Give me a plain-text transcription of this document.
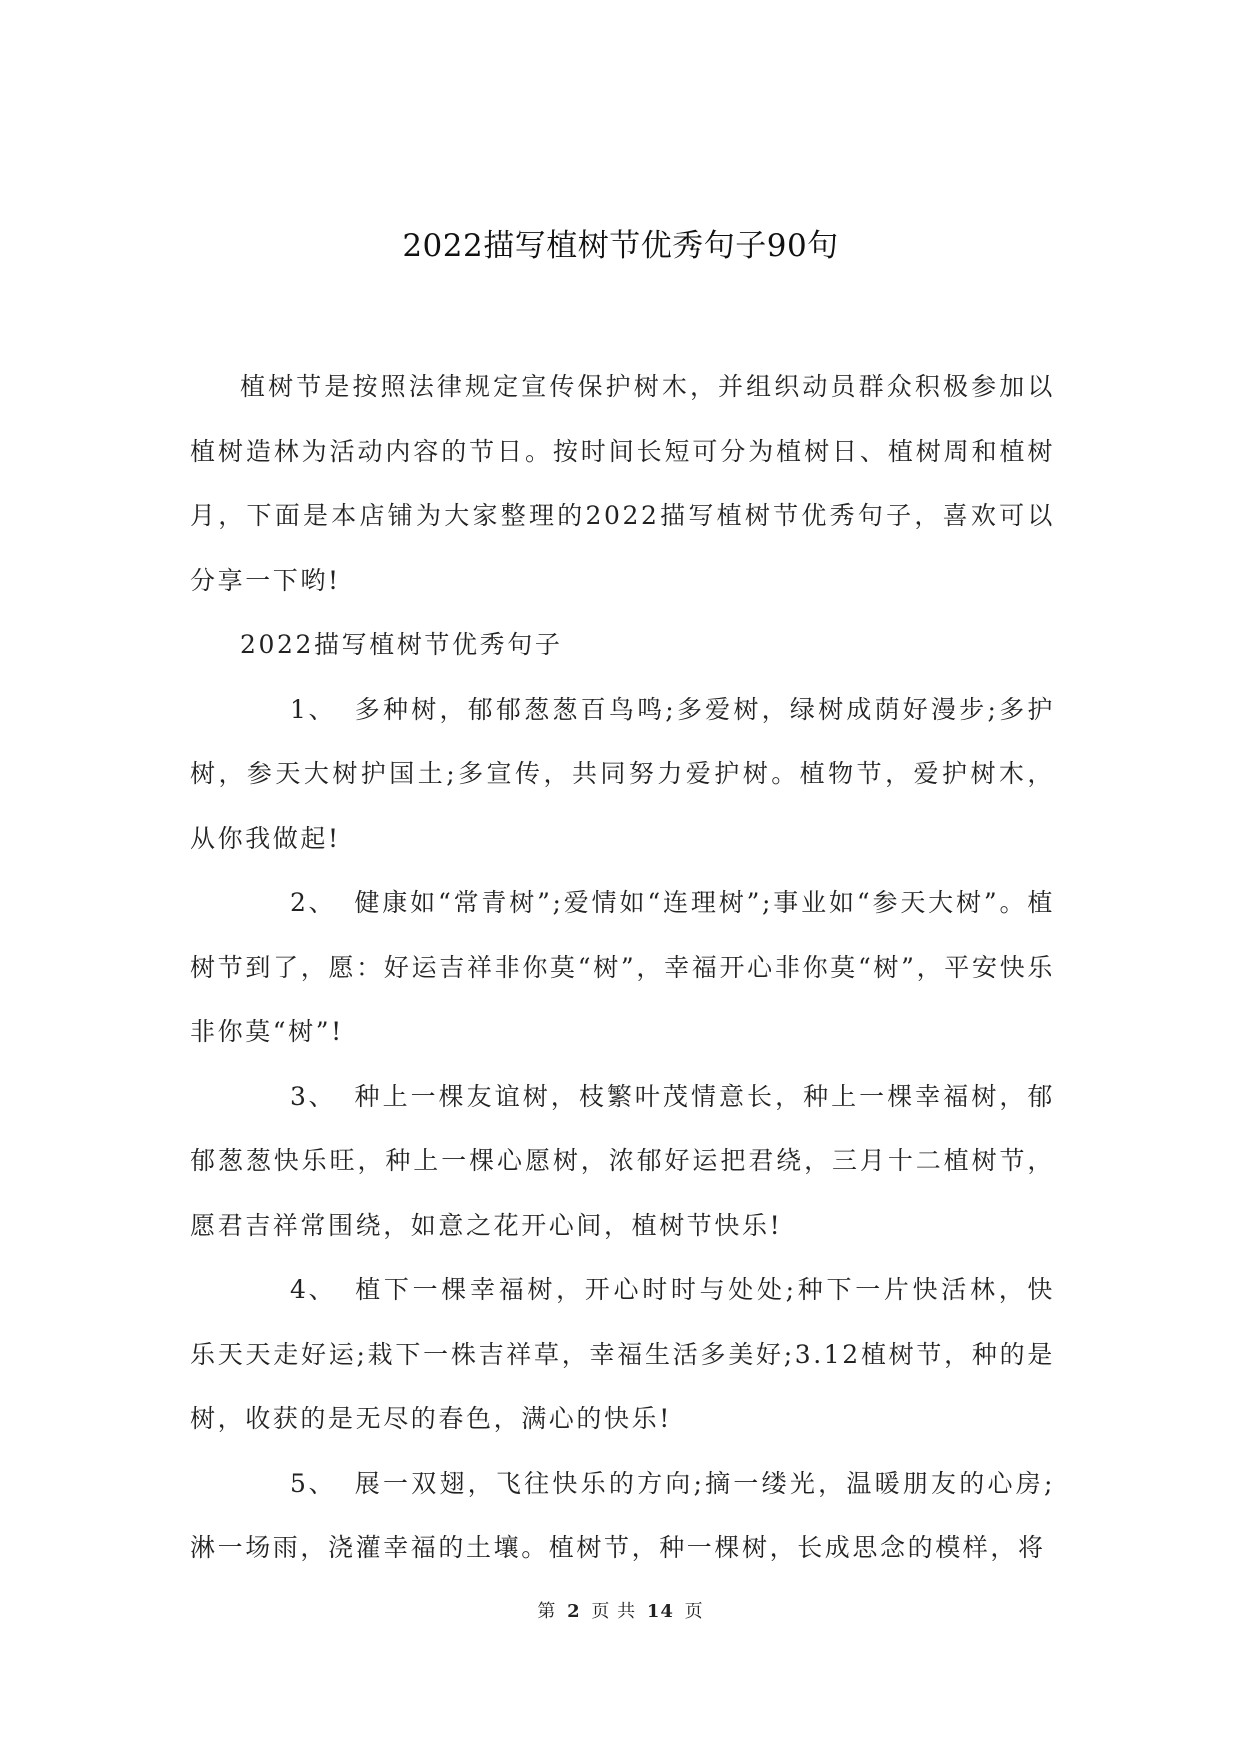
2022描写植树节优秀句子90句

植树节是按照法律规定宣传保护树木，并组织动员群众积极参加以植树造林为活动内容的节日。按时间长短可分为植树日、植树周和植树月，下面是本店铺为大家整理的2022描写植树节优秀句子，喜欢可以分享一下哟!

2022描写植树节优秀句子

1、 多种树，郁郁葱葱百鸟鸣;多爱树，绿树成荫好漫步;多护树，参天大树护国土;多宣传，共同努力爱护树。植物节，爱护树木，从你我做起!

2、 健康如“常青树”;爱情如“连理树”;事业如“参天大树”。植树节到了，愿：好运吉祥非你莫“树”，幸福开心非你莫“树”，平安快乐非你莫“树”!

3、 种上一棵友谊树，枝繁叶茂情意长，种上一棵幸福树，郁郁葱葱快乐旺，种上一棵心愿树，浓郁好运把君绕，三月十二植树节，愿君吉祥常围绕，如意之花开心间，植树节快乐!

4、 植下一棵幸福树，开心时时与处处;种下一片快活林，快乐天天走好运;栽下一株吉祥草，幸福生活多美好;3.12植树节，种的是树，收获的是无尽的春色，满心的快乐!

5、 展一双翅，飞往快乐的方向;摘一缕光，温暖朋友的心房;淋一场雨，浇灌幸福的土壤。植树节，种一棵树，长成思念的模样，将

第 2 页 共 14 页
